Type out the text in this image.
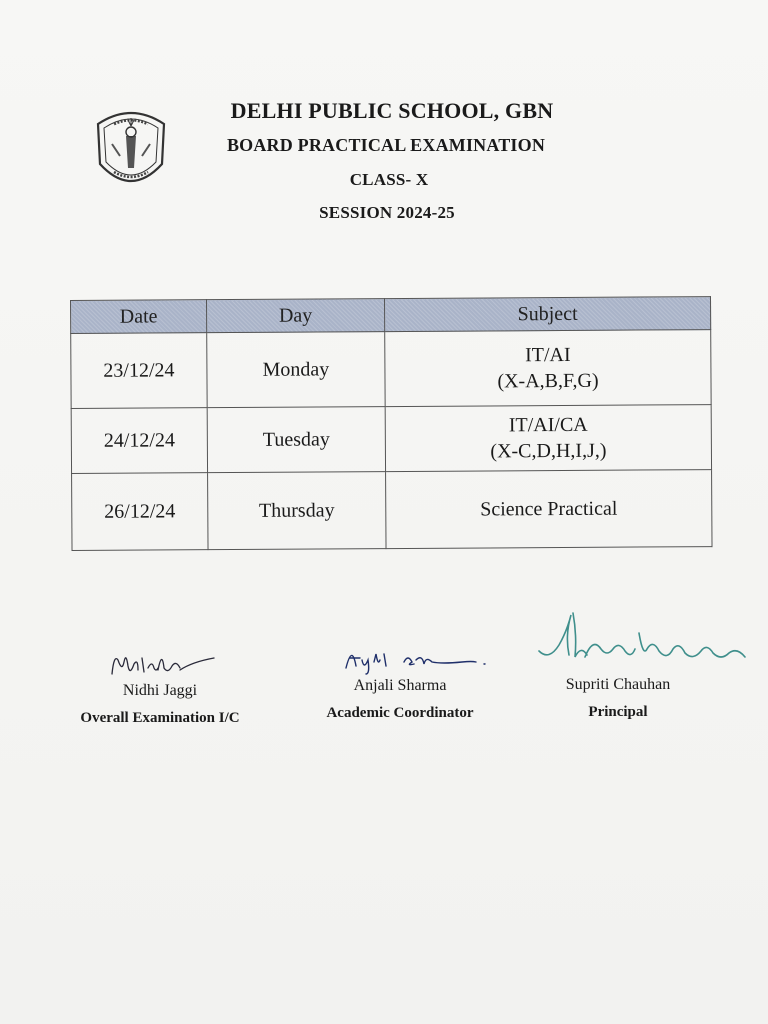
DELHI PUBLIC SCHOOL, GBN
BOARD PRACTICAL EXAMINATION
CLASS- X
SESSION 2024-25
Date	Day	Subject
23/12/24	Monday	IT/AI
(X-A,B,F,G)

24/12/24	Tuesday	IT/AI/CA
(X-C,D,H,I,J,)

26/12/24	Thursday	Science Practical
Nidhi Jaggi
Overall Examination I/C
Anjali Sharma
Academic Coordinator
Supriti Chauhan
Principal
